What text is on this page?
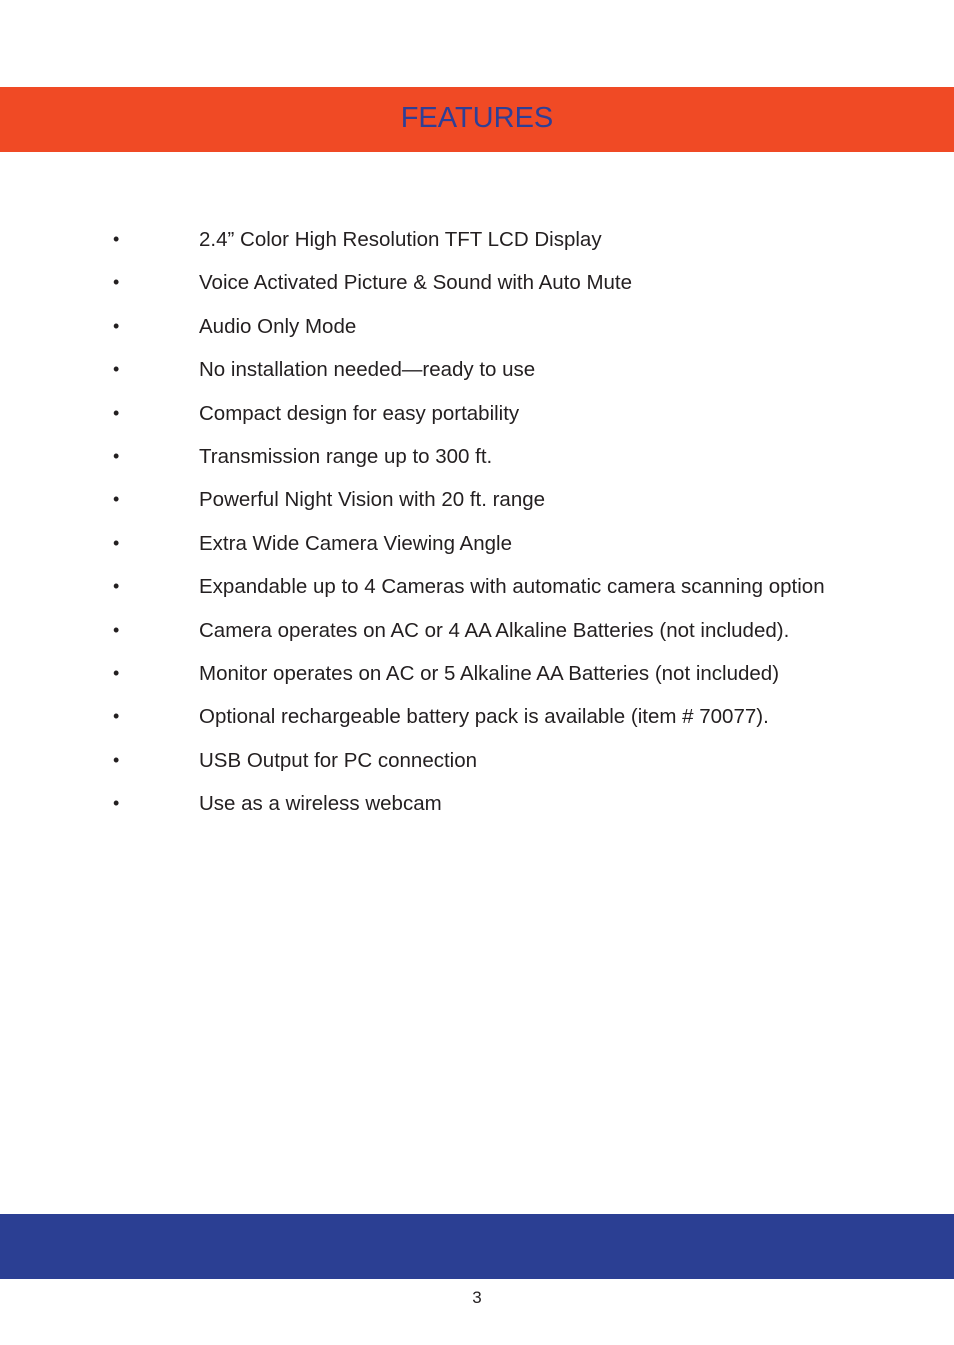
FEATURES
•	2.4” Color High Resolution TFT LCD Display
•	Voice Activated Picture & Sound with Auto Mute
•	Audio Only Mode
•	No installation needed—ready to use
•	Compact design for easy portability
•	Transmission range up to 300 ft.
•	Powerful Night Vision with 20 ft. range
•	Extra Wide Camera Viewing Angle
•	Expandable up to 4 Cameras with automatic camera scanning option
•	Camera operates on AC or 4 AA Alkaline Batteries (not included).
•	Monitor operates on AC or 5 Alkaline AA Batteries (not included)
•	Optional rechargeable battery pack is available (item # 70077).
•	USB Output for PC connection
•	Use as a wireless webcam
3
